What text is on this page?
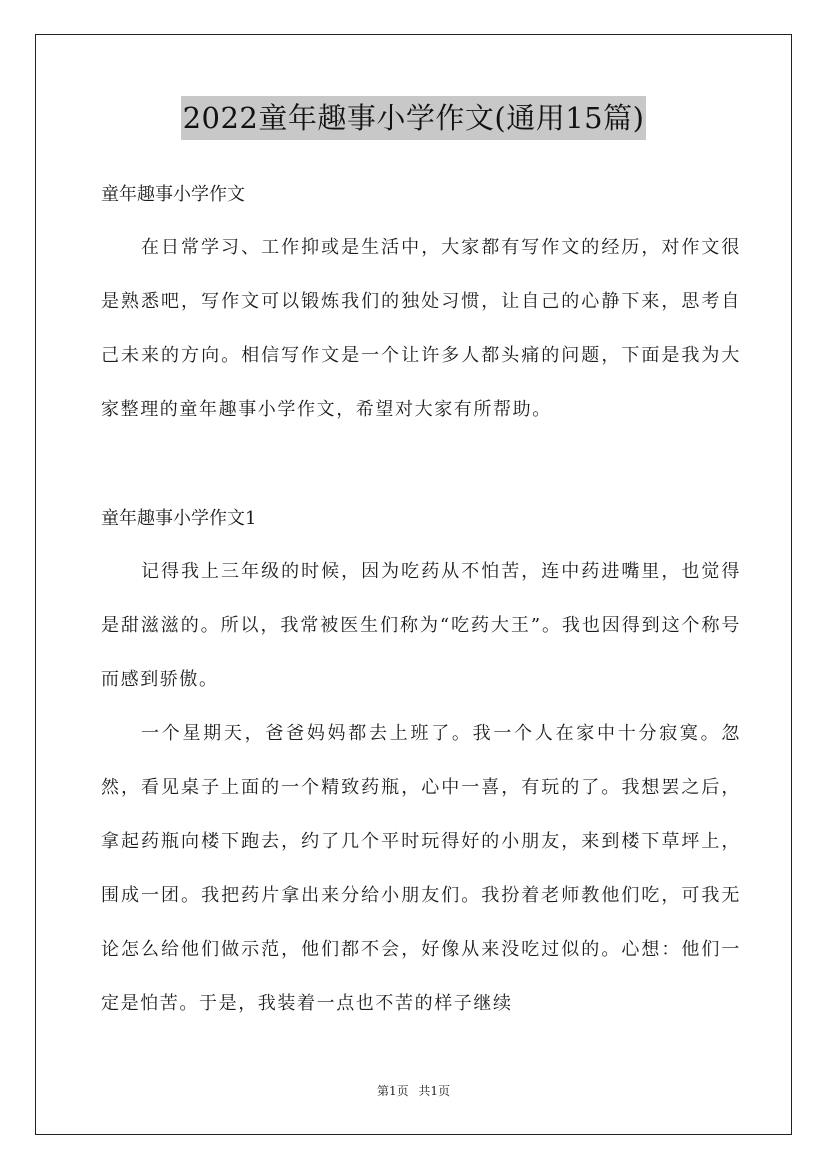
2022童年趣事小学作文(通用15篇)
童年趣事小学作文

在日常学习、工作抑或是生活中，大家都有写作文的经历，对作文很是熟悉吧，写作文可以锻炼我们的独处习惯，让自己的心静下来，思考自己未来的方向。相信写作文是一个让许多人都头痛的问题，下面是我为大家整理的童年趣事小学作文，希望对大家有所帮助。

童年趣事小学作文1

记得我上三年级的时候，因为吃药从不怕苦，连中药进嘴里，也觉得是甜滋滋的。所以，我常被医生们称为“吃药大王”。我也因得到这个称号而感到骄傲。

一个星期天，爸爸妈妈都去上班了。我一个人在家中十分寂寞。忽然，看见桌子上面的一个精致药瓶，心中一喜，有玩的了。我想罢之后，拿起药瓶向楼下跑去，约了几个平时玩得好的小朋友，来到楼下草坪上，围成一团。我把药片拿出来分给小朋友们。我扮着老师教他们吃，可我无论怎么给他们做示范，他们都不会，好像从来没吃过似的。心想：他们一定是怕苦。于是，我装着一点也不苦的样子继续

第1页 共1页
